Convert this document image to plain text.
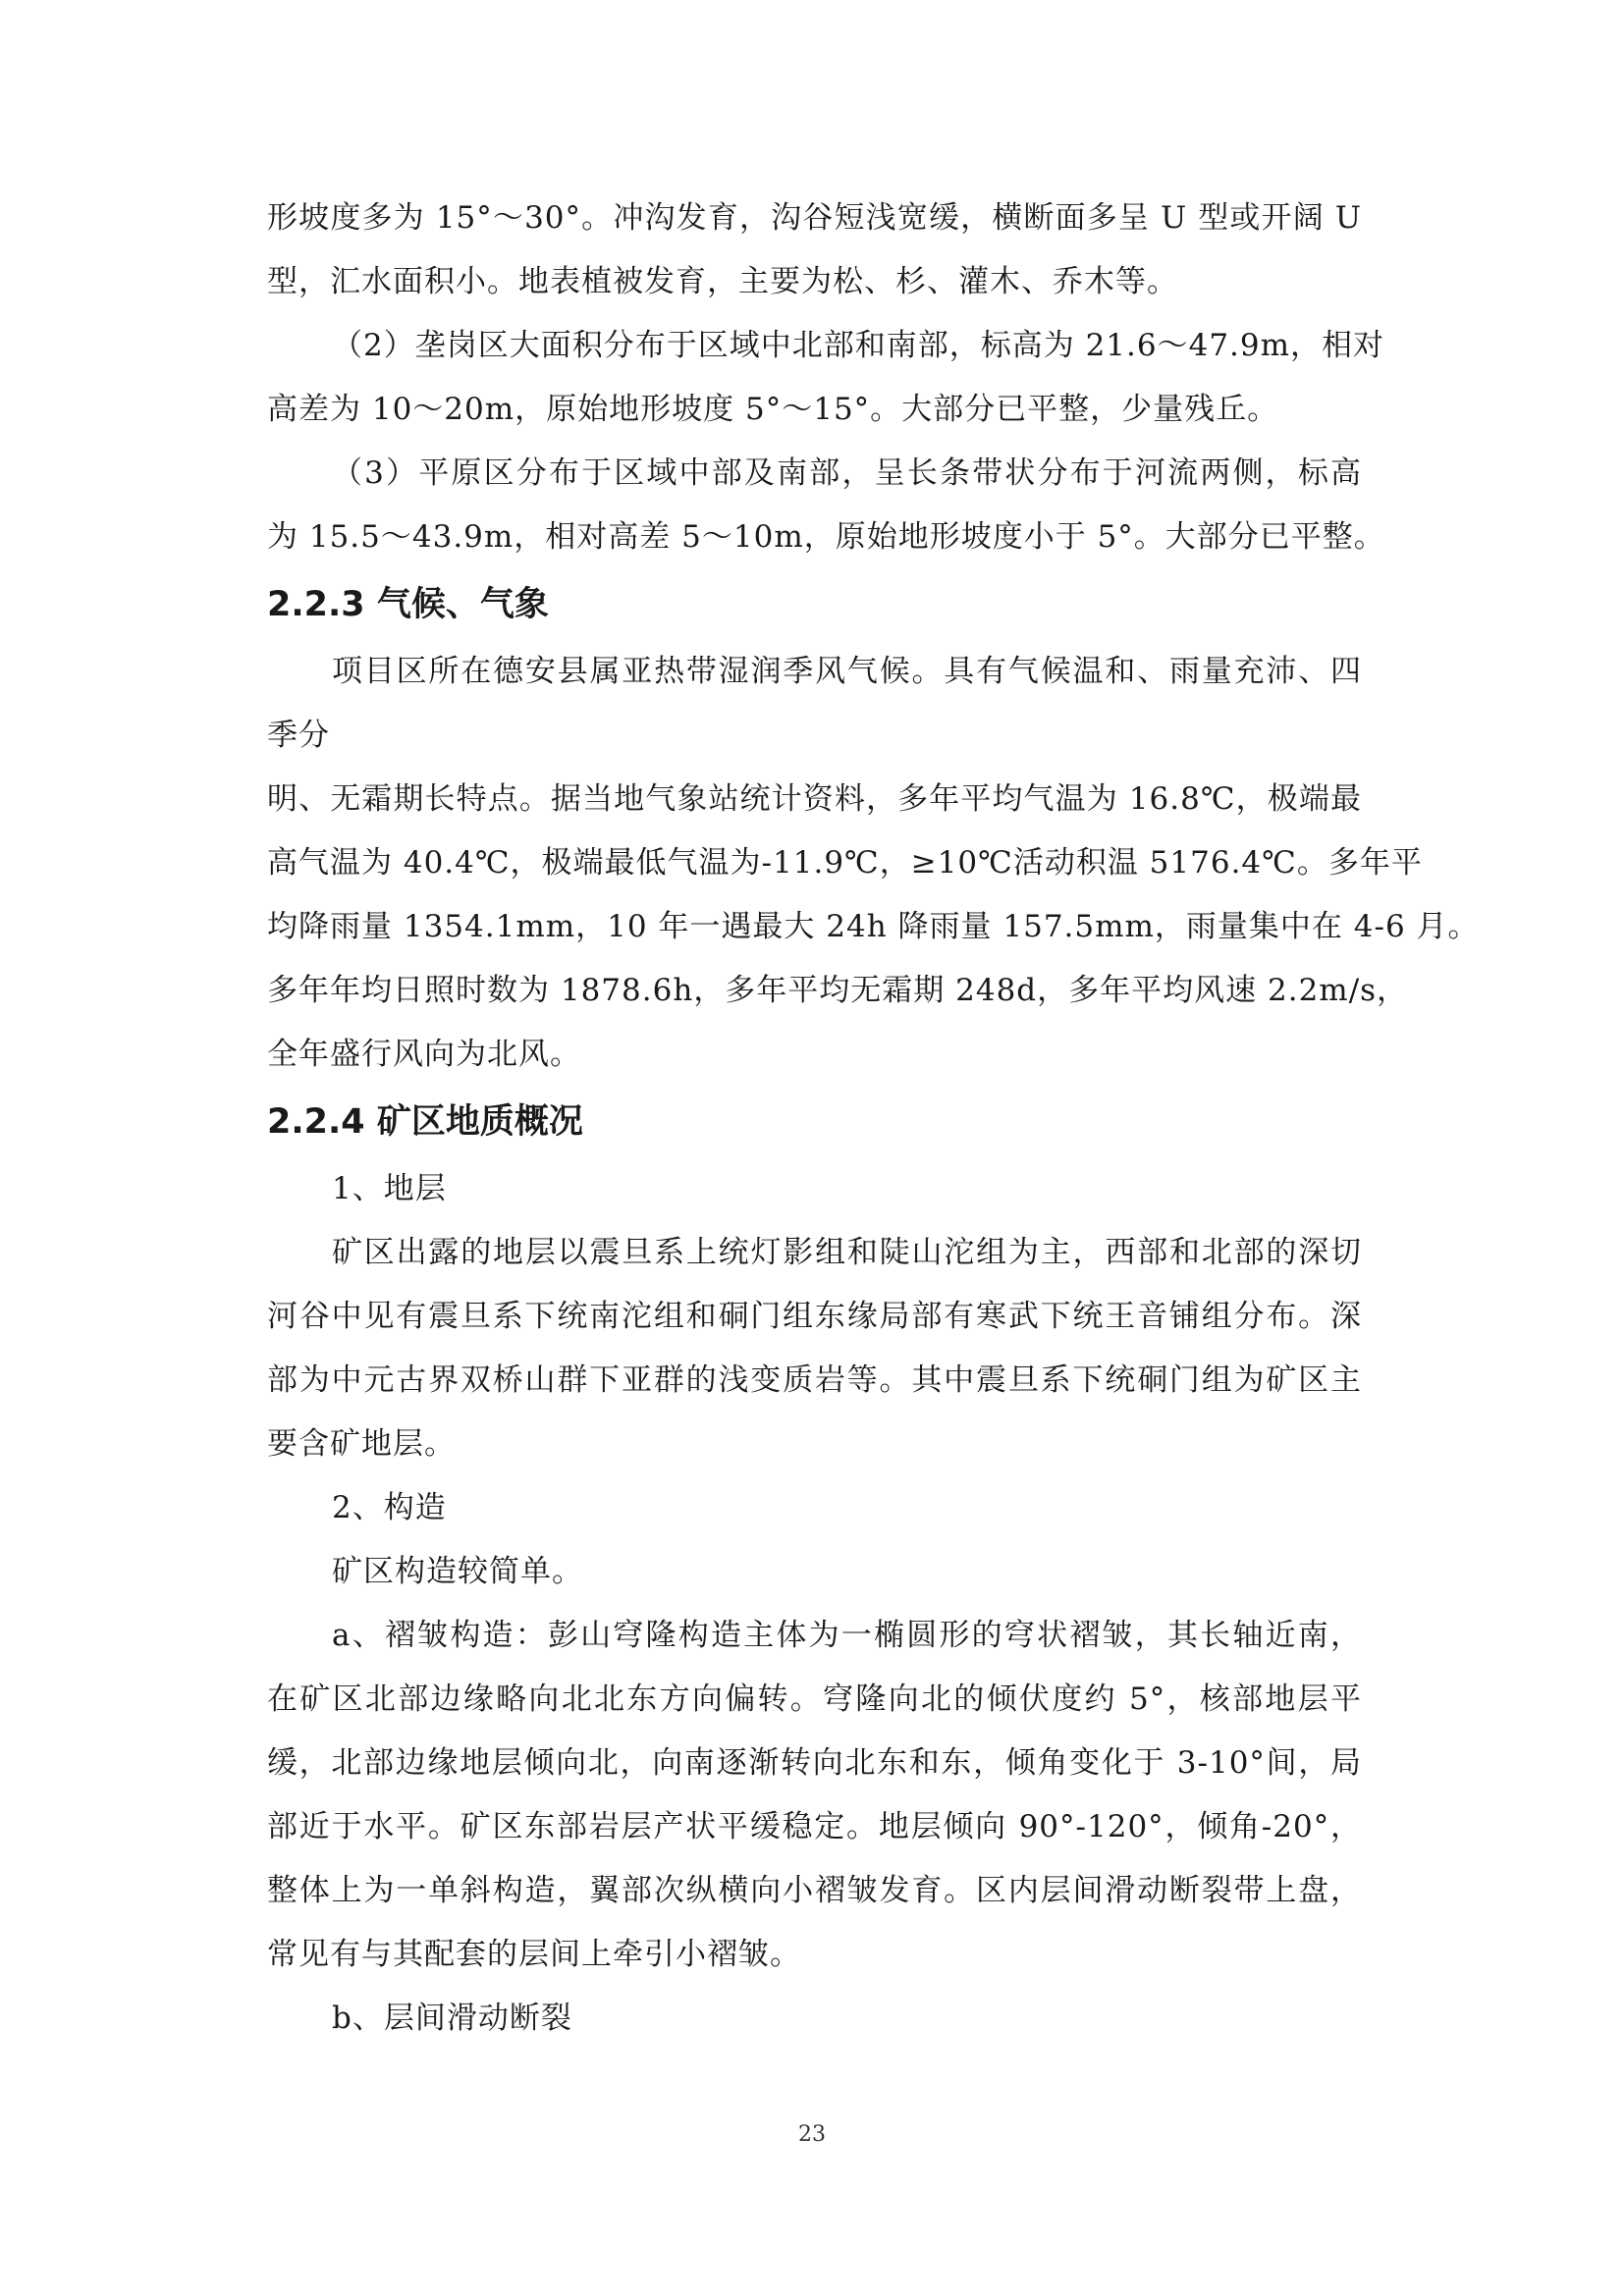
形坡度多为 15°～30°。冲沟发育，沟谷短浅宽缓，横断面多呈 U 型或开阔 U
型，汇水面积小。地表植被发育，主要为松、杉、灌木、乔木等。
（2）垄岗区大面积分布于区域中北部和南部，标高为 21.6～47.9m，相对
高差为 10～20m，原始地形坡度 5°～15°。大部分已平整，少量残丘。
（3）平原区分布于区域中部及南部，呈长条带状分布于河流两侧，标高
为 15.5～43.9m，相对高差 5～10m，原始地形坡度小于 5°。大部分已平整。
2.2.3 气候、气象
项目区所在德安县属亚热带湿润季风气候。具有气候温和、雨量充沛、四
季分
明、无霜期长特点。据当地气象站统计资料，多年平均气温为 16.8℃，极端最
高气温为 40.4℃，极端最低气温为-11.9℃，≥10℃活动积温 5176.4℃。多年平
均降雨量 1354.1mm，10 年一遇最大 24h 降雨量 157.5mm，雨量集中在 4-6 月。
多年年均日照时数为 1878.6h，多年平均无霜期 248d，多年平均风速 2.2m/s，
全年盛行风向为北风。
2.2.4 矿区地质概况
1、地层
矿区出露的地层以震旦系上统灯影组和陡山沱组为主，西部和北部的深切
河谷中见有震旦系下统南沱组和硐门组东缘局部有寒武下统王音铺组分布。深
部为中元古界双桥山群下亚群的浅变质岩等。其中震旦系下统硐门组为矿区主
要含矿地层。
2、构造
矿区构造较简单。
a、褶皱构造：彭山穹隆构造主体为一椭圆形的穹状褶皱，其长轴近南，
在矿区北部边缘略向北北东方向偏转。穹隆向北的倾伏度约 5°，核部地层平
缓，北部边缘地层倾向北，向南逐渐转向北东和东，倾角变化于 3-10°间，局
部近于水平。矿区东部岩层产状平缓稳定。地层倾向 90°-120°，倾角-20°，
整体上为一单斜构造，翼部次纵横向小褶皱发育。区内层间滑动断裂带上盘，
常见有与其配套的层间上牵引小褶皱。
b、层间滑动断裂
23
